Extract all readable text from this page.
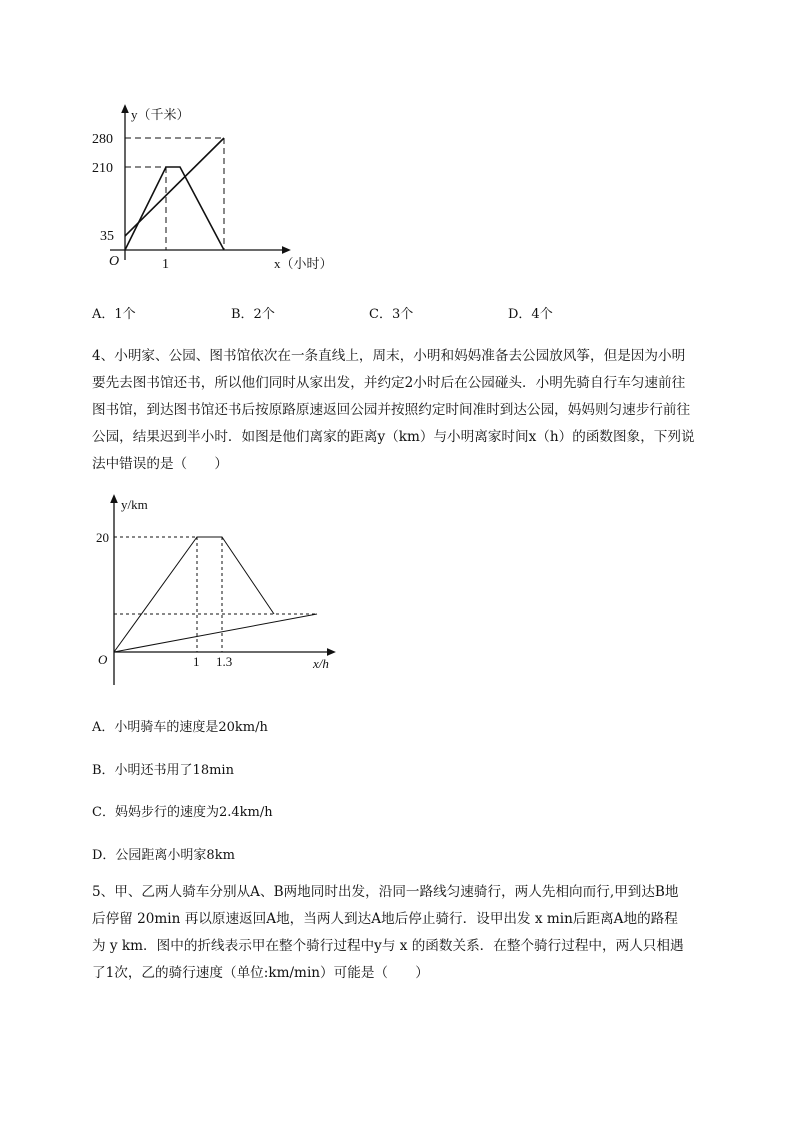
y（千米）
x（小时）
O
280
210
35
1
A．1个	B．2个	C．3个	D．4个

4、小明家、公园、图书馆依次在一条直线上，周末，小明和妈妈准备去公园放风筝，但是因为小明

要先去图书馆还书，所以他们同时从家出发，并约定2小时后在公园碰头．小明先骑自行车匀速前往

图书馆，到达图书馆还书后按原路原速返回公园并按照约定时间准时到达公园，妈妈则匀速步行前往

公园，结果迟到半小时．如图是他们离家的距离y（km）与小明离家时间x（h）的函数图象，下列说

法中错误的是（　　）

y/km
x/h
O
20
1 1.3
A．小明骑车的速度是20km/h
B．小明还书用了18min
C．妈妈步行的速度为2.4km/h
D．公园距离小明家8km

5、甲、乙两人骑车分别从A、B两地同时出发，沿同一路线匀速骑行，两人先相向而行,甲到达B地

后停留 20min 再以原速返回A地，当两人到达A地后停止骑行．设甲出发 x min后距离A地的路程

为 y km．图中的折线表示甲在整个骑行过程中y与 x 的函数关系．在整个骑行过程中，两人只相遇

了1次，乙的骑行速度（单位:km/min）可能是（　　）
